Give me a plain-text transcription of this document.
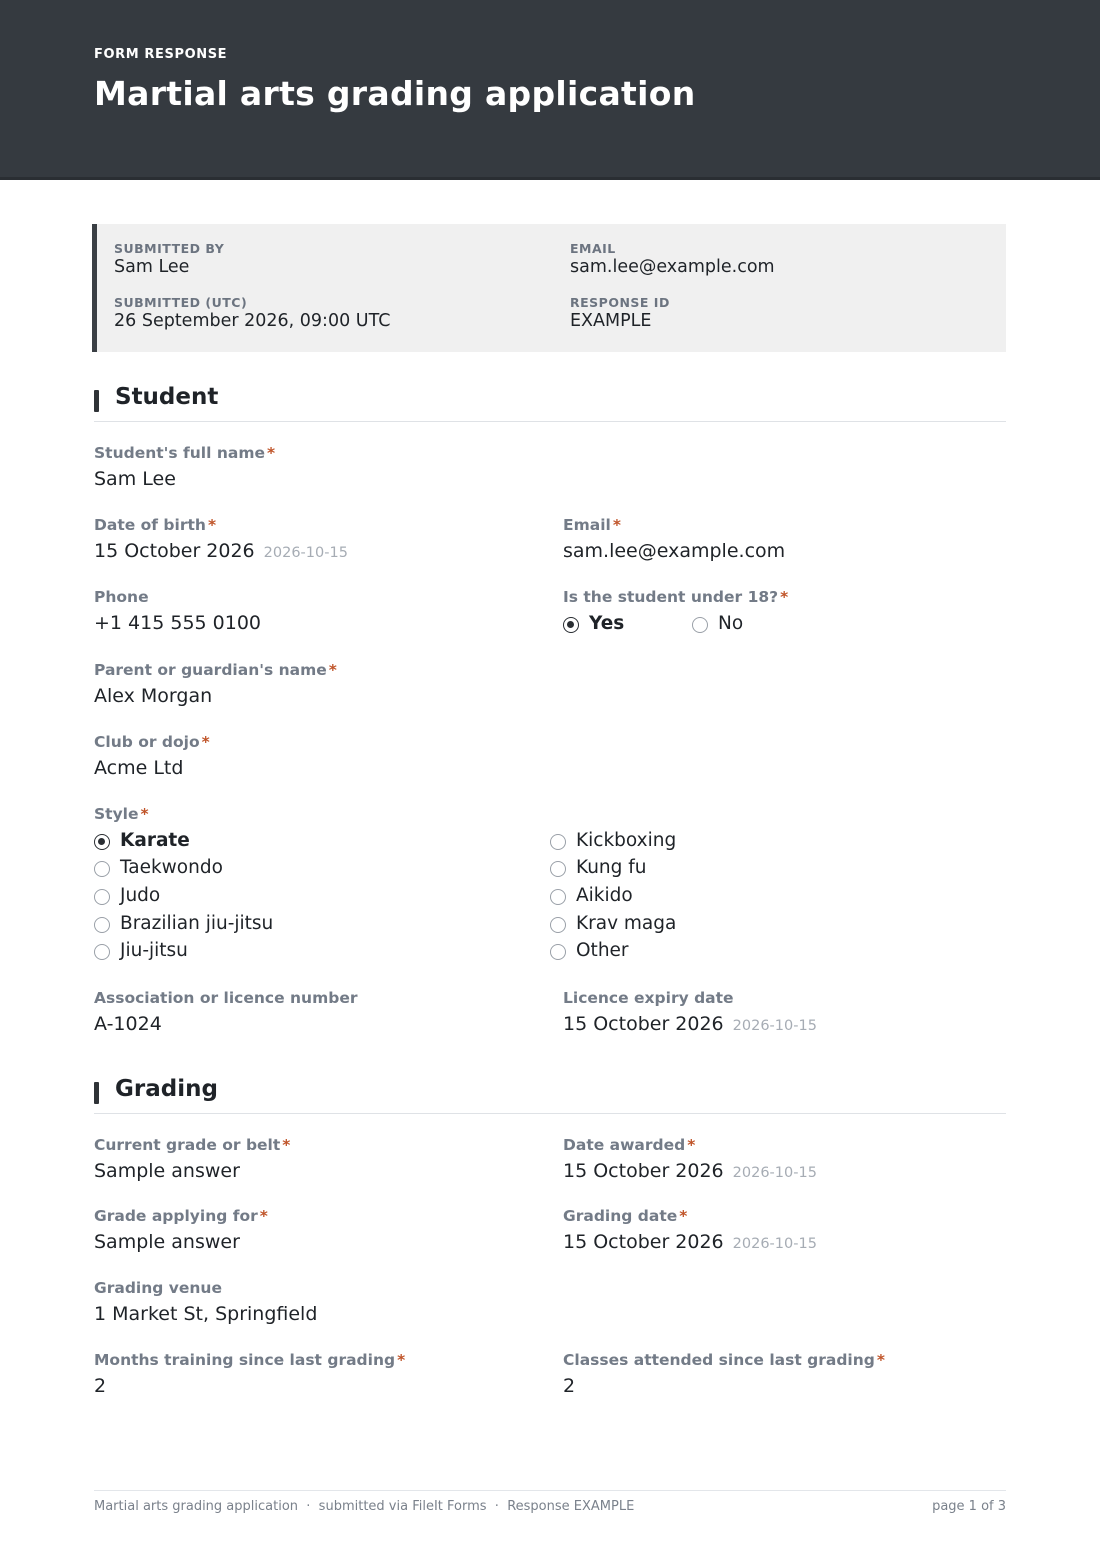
FORM RESPONSE
Martial arts grading application
SUBMITTED BY
Sam Lee
EMAIL
sam.lee@example.com
SUBMITTED (UTC)
26 September 2026, 09:00 UTC
RESPONSE ID
EXAMPLE
Student
Student's full name *
Sam Lee
Date of birth *
15 October 2026 2026-10-15
Email *
sam.lee@example.com
Phone
+1 415 555 0100
Is the student under 18? *
Yes	No
Parent or guardian's name *
Alex Morgan
Club or dojo *
Acme Ltd
Style *
Karate	Kickboxing
Taekwondo	Kung fu
Judo	Aikido
Brazilian jiu-jitsu	Krav maga
Jiu-jitsu	Other
Association or licence number
A-1024
Licence expiry date
15 October 2026 2026-10-15
Grading
Current grade or belt *
Sample answer
Date awarded *
15 October 2026 2026-10-15
Grade applying for *
Sample answer
Grading date *
15 October 2026 2026-10-15
Grading venue
1 Market St, Springfield
Months training since last grading *
2
Classes attended since last grading *
2
Martial arts grading application  ·  submitted via FileIt Forms  ·  Response EXAMPLE	page 1 of 3
